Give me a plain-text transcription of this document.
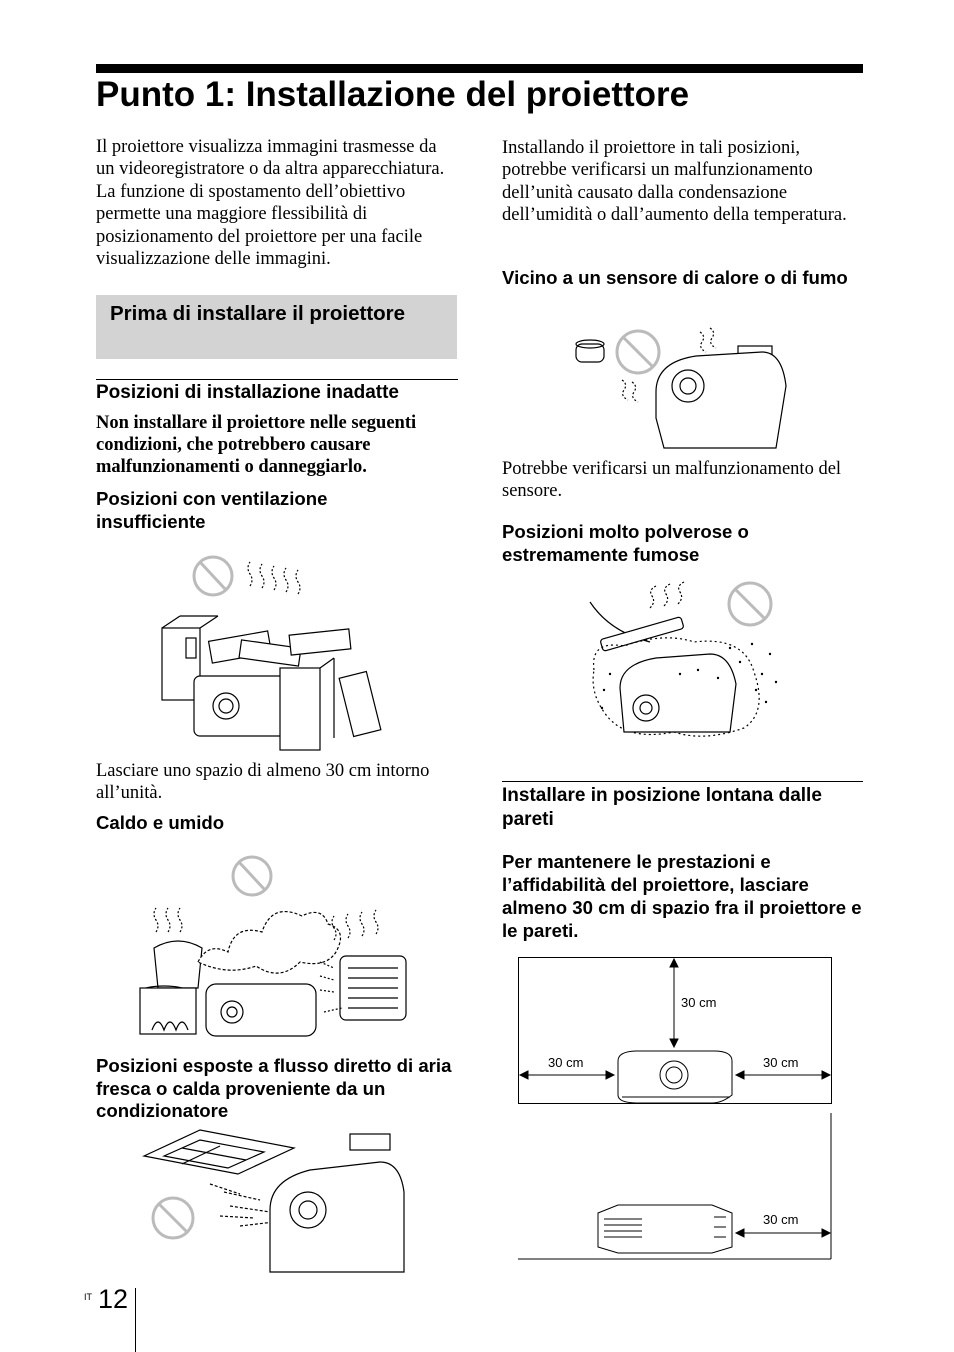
Punto 1: Installazione del proiettore

Il proiettore visualizza immagini trasmesse da un videoregistratore o da altra apparecchiatura.

La funzione di spostamento dell’obiettivo permette una maggiore flessibilità di posizionamento del proiettore per una facile visualizzazione delle immagini.

Prima di installare il proiettore
Posizioni di installazione inadatte

Non installare il proiettore nelle seguenti condizioni, che potrebbero causare malfunzionamenti o danneggiarlo.

Posizioni con ventilazione insufficiente

Lasciare uno spazio di almeno 30 cm intorno all’unità.

Caldo e umido

Posizioni esposte a flusso diretto di aria fresca o calda proveniente da un condizionatore

Installando il proiettore in tali posizioni, potrebbe verificarsi un malfunzionamento dell’unità causato dalla condensazione dell’umidità o dall’aumento della temperatura.

Vicino a un sensore di calore o di fumo

Potrebbe verificarsi un malfunzionamento del sensore.

Posizioni molto polverose o estremamente fumose

Installare in posizione lontana dalle pareti

Per mantenere le prestazioni e l’affidabilità del proiettore, lasciare almeno 30 cm di spazio fra il proiettore e le pareti.

30 cm
30 cm	30 cm
30 cm
IT 12
